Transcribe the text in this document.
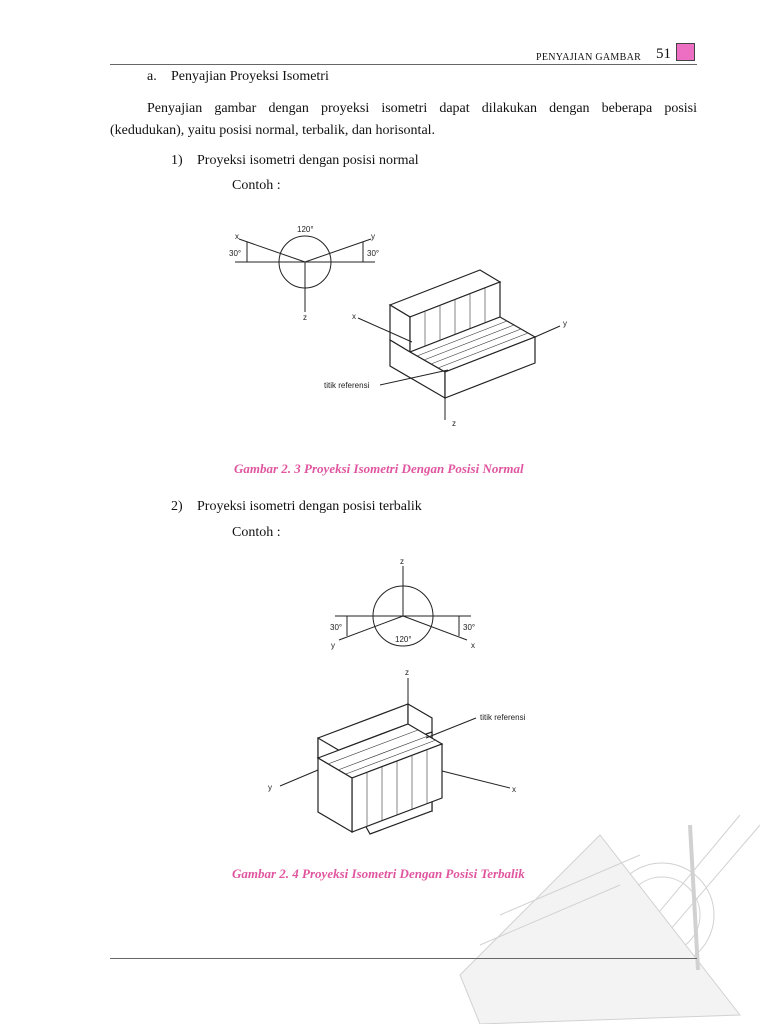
PENYAJIAN GAMBAR 51
a. Penyajian Proyeksi Isometri
Penyajian gambar dengan proyeksi isometri dapat dilakukan dengan beberapa posisi (kedudukan), yaitu posisi normal, terbalik, dan horisontal.
1) Proyeksi isometri dengan posisi normal
Contoh :
x	y
z
120°
30°	30°
x
y
z
titik referensi
Gambar 2. 3 Proyeksi Isometri Dengan Posisi Normal
2) Proyeksi isometri dengan posisi terbalik
Contoh :
z
y	x
120°
30°	30°
z
y	x
titik referensi
Gambar 2. 4 Proyeksi Isometri Dengan Posisi Terbalik
